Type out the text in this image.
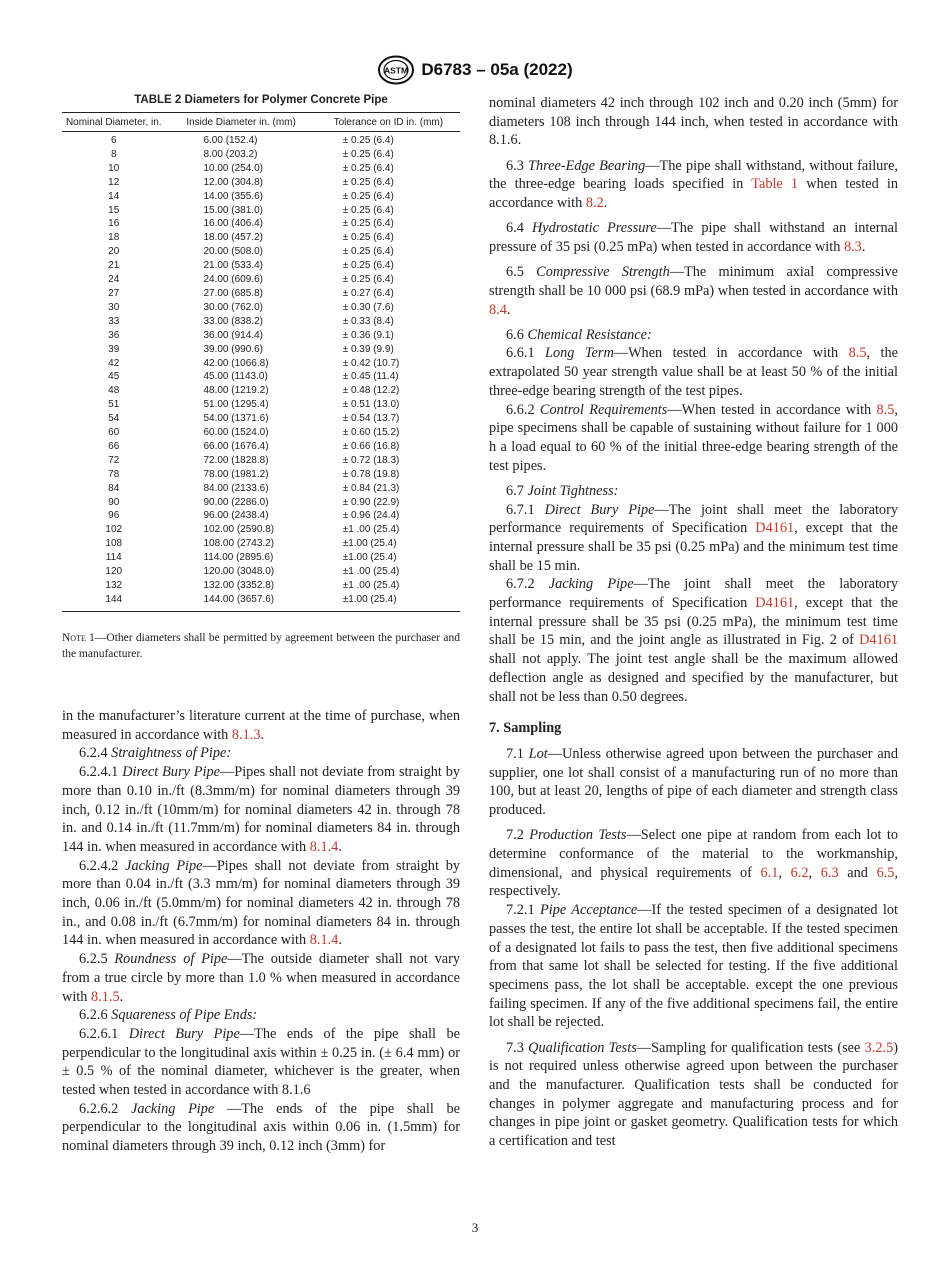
ASTM D6783 – 05a (2022)
TABLE 2 Diameters for Polymer Concrete Pipe
Nominal Diameter, in.	Inside Diameter in. (mm)	Tolerance on ID in. (mm)
6	6.00 (152.4)	± 0.25 (6.4)
8	8.00 (203.2)	± 0.25 (6.4)
10	10.00 (254.0)	± 0.25 (6.4)
12	12.00 (304.8)	± 0.25 (6.4)
14	14.00 (355.6)	± 0.25 (6.4)
15	15.00 (381.0)	± 0.25 (6.4)
16	16.00 (406.4)	± 0.25 (6.4)
18	18.00 (457.2)	± 0.25 (6.4)
20	20.00 (508.0)	± 0.25 (6.4)
21	21.00 (533.4)	± 0.25 (6.4)
24	24.00 (609.6)	± 0.25 (6.4)
27	27.00 (685.8)	± 0.27 (6.4)
30	30.00 (762.0)	± 0.30 (7.6)
33	33.00 (838.2)	± 0.33 (8.4)
36	36.00 (914.4)	± 0.36 (9.1)
39	39.00 (990.6)	± 0.39 (9.9)
42	42.00 (1066.8)	± 0.42 (10.7)
45	45.00 (1143.0)	± 0.45 (11.4)
48	48.00 (1219.2)	± 0.48 (12.2)
51	51.00 (1295.4)	± 0.51 (13.0)
54	54.00 (1371.6)	± 0.54 (13.7)
60	60.00 (1524.0)	± 0.60 (15.2)
66	66.00 (1676.4)	± 0.66 (16.8)
72	72.00 (1828.8)	± 0.72 (18.3)
78	78.00 (1981.2)	± 0.78 (19.8)
84	84.00 (2133.6)	± 0.84 (21.3)
90	90.00 (2286.0)	± 0.90 (22.9)
96	96.00 (2438.4)	± 0.96 (24.4)
102	102.00 (2590.8)	±1 .00 (25.4)
108	108.00 (2743.2)	±1.00 (25.4)
114	114.00 (2895.6)	±1.00 (25.4)
120	120.00 (3048.0)	±1 .00 (25.4)
132	132.00 (3352.8)	±1 .00 (25.4)
144	144.00 (3657.6)	±1.00 (25.4)
Note 1—Other diameters shall be permitted by agreement between the purchaser and the manufacturer.

in the manufacturer’s literature current at the time of purchase, when measured in accordance with 8.1.3.

6.2.4 Straightness of Pipe:

6.2.4.1 Direct Bury Pipe—Pipes shall not deviate from straight by more than 0.10 in./ft (8.3mm/m) for nominal diameters through 39 inch, 0.12 in./ft (10mm/m) for nominal diameters 42 in. through 78 in. and 0.14 in./ft (11.7mm/m) for nominal diameters 84 in. through 144 in. when measured in accordance with 8.1.4.

6.2.4.2 Jacking Pipe—Pipes shall not deviate from straight by more than 0.04 in./ft (3.3 mm/m) for nominal diameters through 39 inch, 0.06 in./ft (5.0mm/m) for nominal diameters 42 in. through 78 in., and 0.08 in./ft (6.7mm/m) for nominal diameters 84 in. through 144 in. when measured in accordance with 8.1.4.

6.2.5 Roundness of Pipe—The outside diameter shall not vary from a true circle by more than 1.0 % when measured in accordance with 8.1.5.

6.2.6 Squareness of Pipe Ends:

6.2.6.1 Direct Bury Pipe—The ends of the pipe shall be perpendicular to the longitudinal axis within ± 0.25 in. (± 6.4 mm) or ± 0.5 % of the nominal diameter, whichever is the greater, when tested when tested in accordance with 8.1.6

6.2.6.2 Jacking Pipe —The ends of the pipe shall be perpendicular to the longitudinal axis within 0.06 in. (1.5mm) for nominal diameters through 39 inch, 0.12 inch (3mm) for

nominal diameters 42 inch through 102 inch and 0.20 inch (5mm) for diameters 108 inch through 144 inch, when tested in accordance with 8.1.6.

6.3 Three-Edge Bearing—The pipe shall withstand, without failure, the three-edge bearing loads specified in Table 1 when tested in accordance with 8.2.

6.4 Hydrostatic Pressure—The pipe shall withstand an internal pressure of 35 psi (0.25 mPa) when tested in accordance with 8.3.

6.5 Compressive Strength—The minimum axial compressive strength shall be 10 000 psi (68.9 mPa) when tested in accordance with 8.4.

6.6 Chemical Resistance:

6.6.1 Long Term—When tested in accordance with 8.5, the extrapolated 50 year strength value shall be at least 50 % of the initial three-edge bearing strength of the test pipes.

6.6.2 Control Requirements—When tested in accordance with 8.5, pipe specimens shall be capable of sustaining without failure for 1 000 h a load equal to 60 % of the initial three-edge bearing strength of the test pipes.

6.7 Joint Tightness:

6.7.1 Direct Bury Pipe—The joint shall meet the laboratory performance requirements of Specification D4161, except that the internal pressure shall be 35 psi (0.25 mPa) and the minimum test time shall be 15 min.

6.7.2 Jacking Pipe—The joint shall meet the laboratory performance requirements of Specification D4161, except that the internal pressure shall be 35 psi (0.25 mPa), the minimum test time shall be 15 min, and the joint angle as illustrated in Fig. 2 of D4161 shall not apply. The joint test angle shall be the maximum allowed deflection angle as designed and specified by the manufacturer, but shall not be less than 0.50 degrees.

7. Sampling

7.1 Lot—Unless otherwise agreed upon between the purchaser and supplier, one lot shall consist of a manufacturing run of no more than 100, but at least 20, lengths of pipe of each diameter and strength class produced.

7.2 Production Tests—Select one pipe at random from each lot to determine conformance of the material to the workmanship, dimensional, and physical requirements of 6.1, 6.2, 6.3 and 6.5, respectively.

7.2.1 Pipe Acceptance—If the tested specimen of a designated lot passes the test, the entire lot shall be acceptable. If the tested specimen of a designated lot fails to pass the test, then five additional specimens from that same lot shall be selected for testing. If the five additional specimens pass, the lot shall be acceptable. except the one previous failing specimen. If any of the five additional specimens fail, the entire lot shall be rejected.

7.3 Qualification Tests—Sampling for qualification tests (see 3.2.5) is not required unless otherwise agreed upon between the purchaser and the manufacturer. Qualification tests shall be conducted for changes in polymer aggregate and manufacturing process and for changes in pipe joint or gasket geometry. Qualification tests for which a certification and test

3
